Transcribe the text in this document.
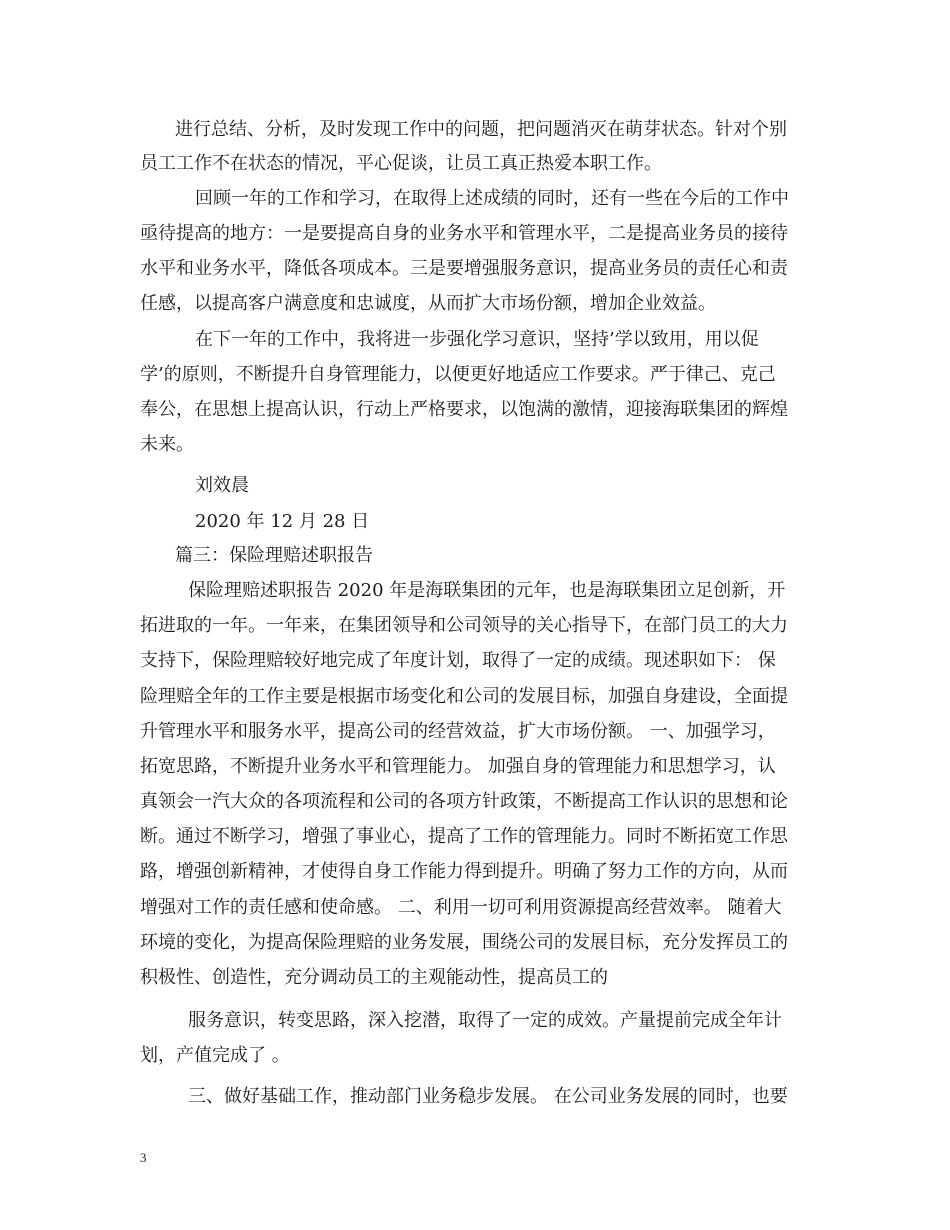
进行总结、分析，及时发现工作中的问题，把问题消灭在萌芽状态。针对个别
员工工作不在状态的情况，平心促谈，让员工真正热爱本职工作。
回顾一年的工作和学习，在取得上述成绩的同时，还有一些在今后的工作中
亟待提高的地方：一是要提高自身的业务水平和管理水平，二是提高业务员的接待
水平和业务水平，降低各项成本。三是要增强服务意识，提高业务员的责任心和责
任感，以提高客户满意度和忠诚度，从而扩大市场份额，增加企业效益。
在下一年的工作中，我将进一步强化学习意识，坚持’学以致用，用以促
学’的原则，不断提升自身管理能力，以便更好地适应工作要求。严于律己、克己
奉公，在思想上提高认识，行动上严格要求，以饱满的激情，迎接海联集团的辉煌
未来。
刘效晨
2020 年 12 月 28 日
篇三：保险理赔述职报告
保险理赔述职报告 2020 年是海联集团的元年，也是海联集团立足创新，开
拓进取的一年。一年来，在集团领导和公司领导的关心指导下，在部门员工的大力
支持下，保险理赔较好地完成了年度计划，取得了一定的成绩。现述职如下： 保
险理赔全年的工作主要是根据市场变化和公司的发展目标，加强自身建设，全面提
升管理水平和服务水平，提高公司的经营效益，扩大市场份额。 一、加强学习，
拓宽思路，不断提升业务水平和管理能力。 加强自身的管理能力和思想学习，认
真领会一汽大众的各项流程和公司的各项方针政策，不断提高工作认识的思想和论
断。通过不断学习，增强了事业心，提高了工作的管理能力。同时不断拓宽工作思
路，增强创新精神，才使得自身工作能力得到提升。明确了努力工作的方向，从而
增强对工作的责任感和使命感。 二、利用一切可利用资源提高经营效率。 随着大
环境的变化，为提高保险理赔的业务发展，围绕公司的发展目标，充分发挥员工的
积极性、创造性，充分调动员工的主观能动性，提高员工的
服务意识，转变思路，深入挖潜，取得了一定的成效。产量提前完成全年计
划，产值完成了 。
三、做好基础工作，推动部门业务稳步发展。 在公司业务发展的同时，也要
3
